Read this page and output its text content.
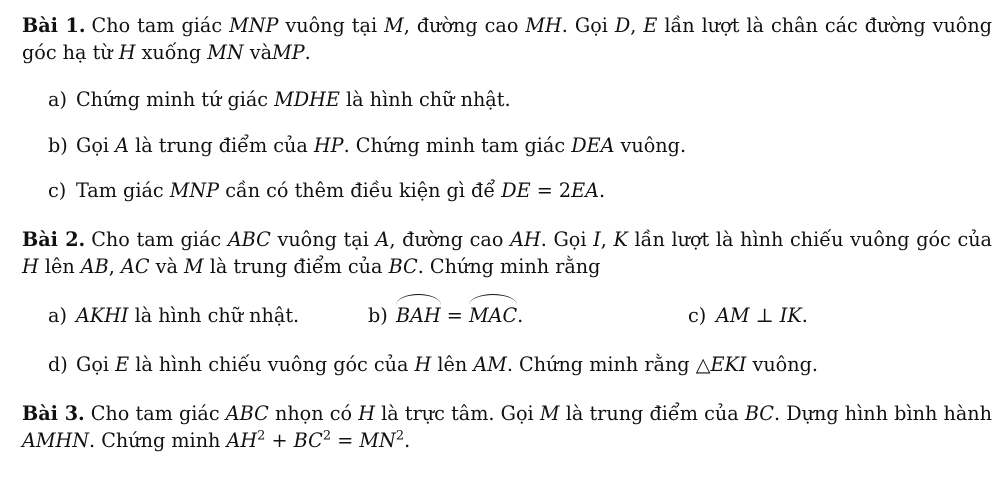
Bài 1. Cho tam giác MNP vuông tại M, đường cao MH. Gọi D, E lần lượt là chân các đường vuông góc hạ từ H xuống MN vàMP.
a) Chứng minh tứ giác MDHE là hình chữ nhật.
b) Gọi A là trung điểm của HP. Chứng minh tam giác DEA vuông.
c) Tam giác MNP cần có thêm điều kiện gì để DE = 2EA.
Bài 2. Cho tam giác ABC vuông tại A, đường cao AH. Gọi I, K lần lượt là hình chiếu vuông góc của H lên AB, AC và M là trung điểm của BC. Chứng minh rằng
a) AKHI là hình chữ nhật.	b) BAH = MAC.	c) AM ⊥ IK.
d) Gọi E là hình chiếu vuông góc của H lên AM. Chứng minh rằng △EKI vuông.
Bài 3. Cho tam giác ABC nhọn có H là trực tâm. Gọi M là trung điểm của BC. Dựng hình bình hành AMHN. Chứng minh $AH^2 + BC^2 = MN^2$.
